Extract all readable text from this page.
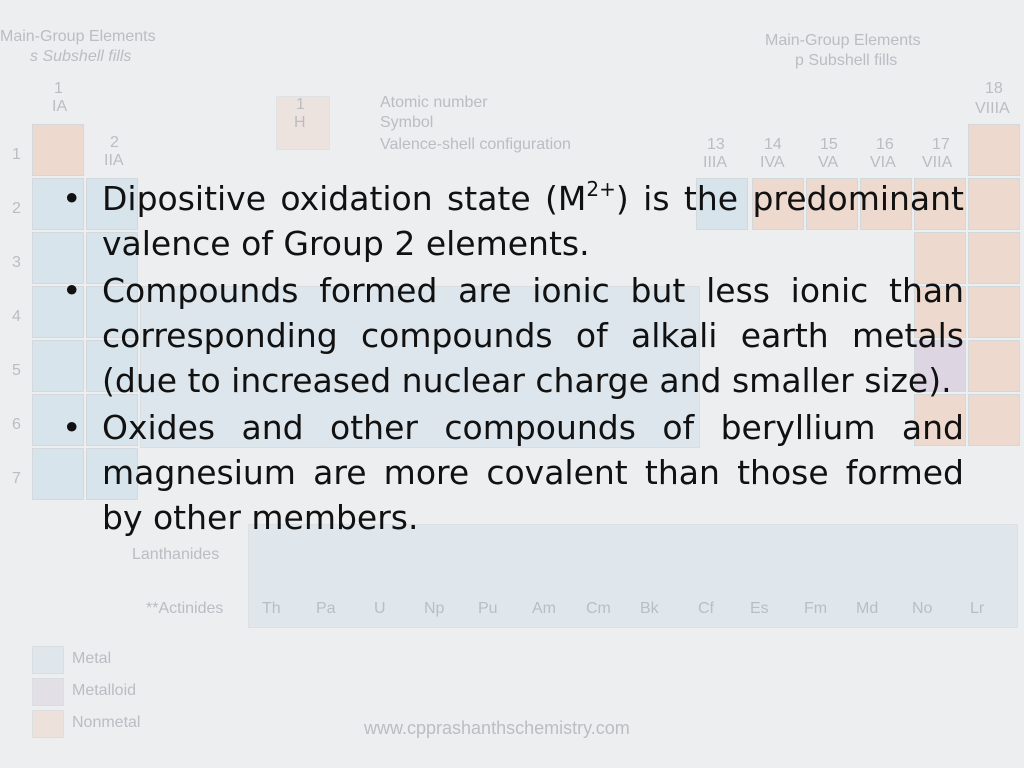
Main-Group Elements
s Subshell fills
Main-Group Elements
p Subshell fills
1
IA
2
IIA
18
VIIIA
13
IIIA
14
IVA
15
VA
16
VIA
17
VIIA
1
H
Atomic number
Symbol
Valence-shell configuration
1
2
3
4
5
6
7
Lanthanides
**Actinides Th Pa U Np Pu Am Cm Bk Cf Es Fm Md No Lr
Metal
Metalloid
Nonmetal	www.cpprashanthschemistry.com
• Dipositive oxidation state $(M^{2+})$ is the predominant valence of Group 2 elements.
• Compounds formed are ionic but less ionic than corresponding compounds of alkali earth metals (due to increased nuclear charge and smaller size).
• Oxides and other compounds of beryllium and magnesium are more covalent than those formed by other members.
